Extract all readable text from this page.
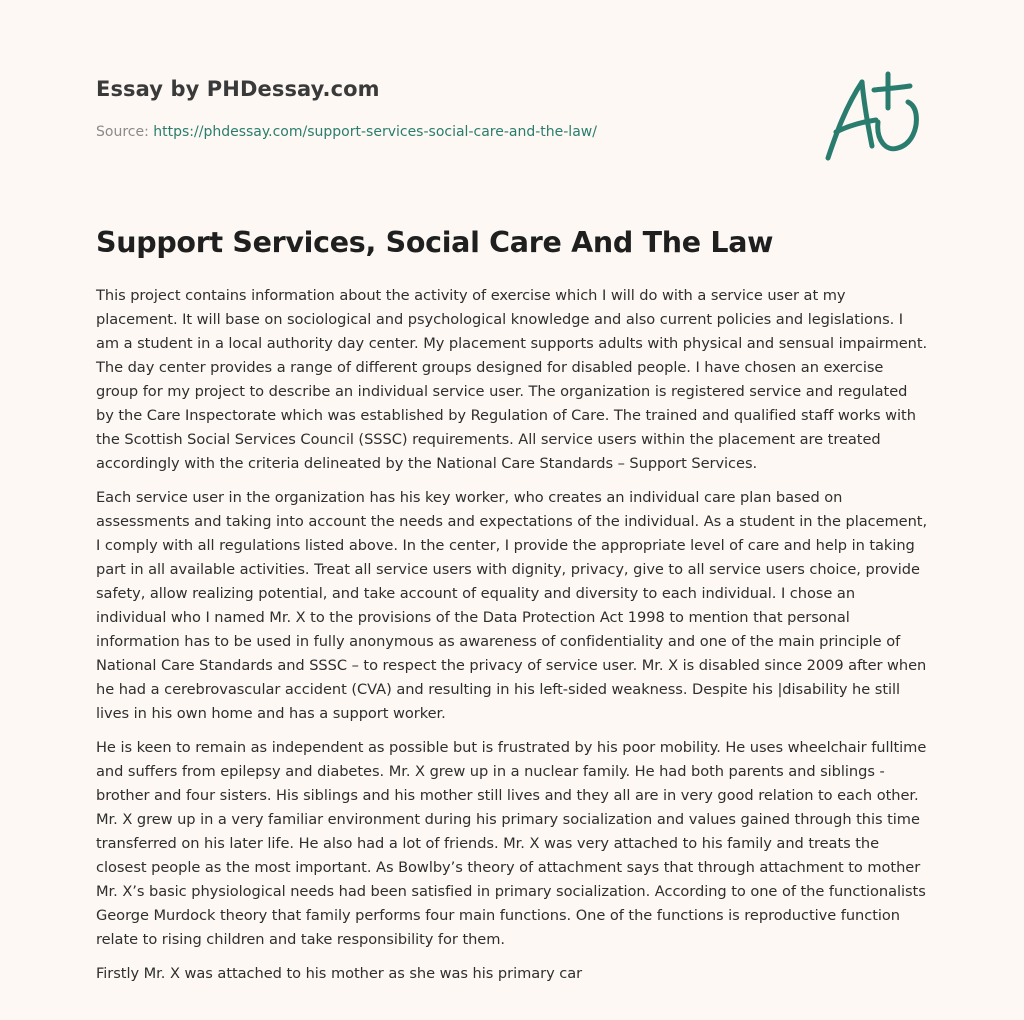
Essay by PHDessay.com
Source: https://phdessay.com/support-services-social-care-and-the-law/
Support Services, Social Care And The Law

This project contains information about the activity of exercise which I will do with a service user at my placement. It will base on sociological and psychological knowledge and also current policies and legislations. I am a student in a local authority day center. My placement supports adults with physical and sensual impairment. The day center provides a range of different groups designed for disabled people. I have chosen an exercise group for my project to describe an individual service user. The organization is registered service and regulated by the Care Inspectorate which was established by Regulation of Care. The trained and qualified staff works with the Scottish Social Services Council (SSSC) requirements. All service users within the placement are treated accordingly with the criteria delineated by the National Care Standards – Support Services.

Each service user in the organization has his key worker, who creates an individual care plan based on assessments and taking into account the needs and expectations of the individual. As a student in the placement, I comply with all regulations listed above. In the center, I provide the appropriate level of care and help in taking part in all available activities. Treat all service users with dignity, privacy, give to all service users choice, provide safety, allow realizing potential, and take account of equality and diversity to each individual. I chose an individual who I named Mr. X to the provisions of the Data Protection Act 1998 to mention that personal information has to be used in fully anonymous as awareness of confidentiality and one of the main principle of National Care Standards and SSSC – to respect the privacy of service user. Mr. X is disabled since 2009 after when he had a cerebrovascular accident (CVA) and resulting in his left-sided weakness. Despite his |disability he still lives in his own home and has a support worker.

He is keen to remain as independent as possible but is frustrated by his poor mobility. He uses wheelchair fulltime and suffers from epilepsy and diabetes. Mr. X grew up in a nuclear family. He had both parents and siblings - brother and four sisters. His siblings and his mother still lives and they all are in very good relation to each other. Mr. X grew up in a very familiar environment during his primary socialization and values gained through this time transferred on his later life. He also had a lot of friends. Mr. X was very attached to his family and treats the closest people as the most important. As Bowlby’s theory of attachment says that through attachment to mother Mr. X’s basic physiological needs had been satisfied in primary socialization. According to one of the functionalists George Murdock theory that family performs four main functions. One of the functions is reproductive function relate to rising children and take responsibility for them.

Firstly Mr. X was attached to his mother as she was his primary car
